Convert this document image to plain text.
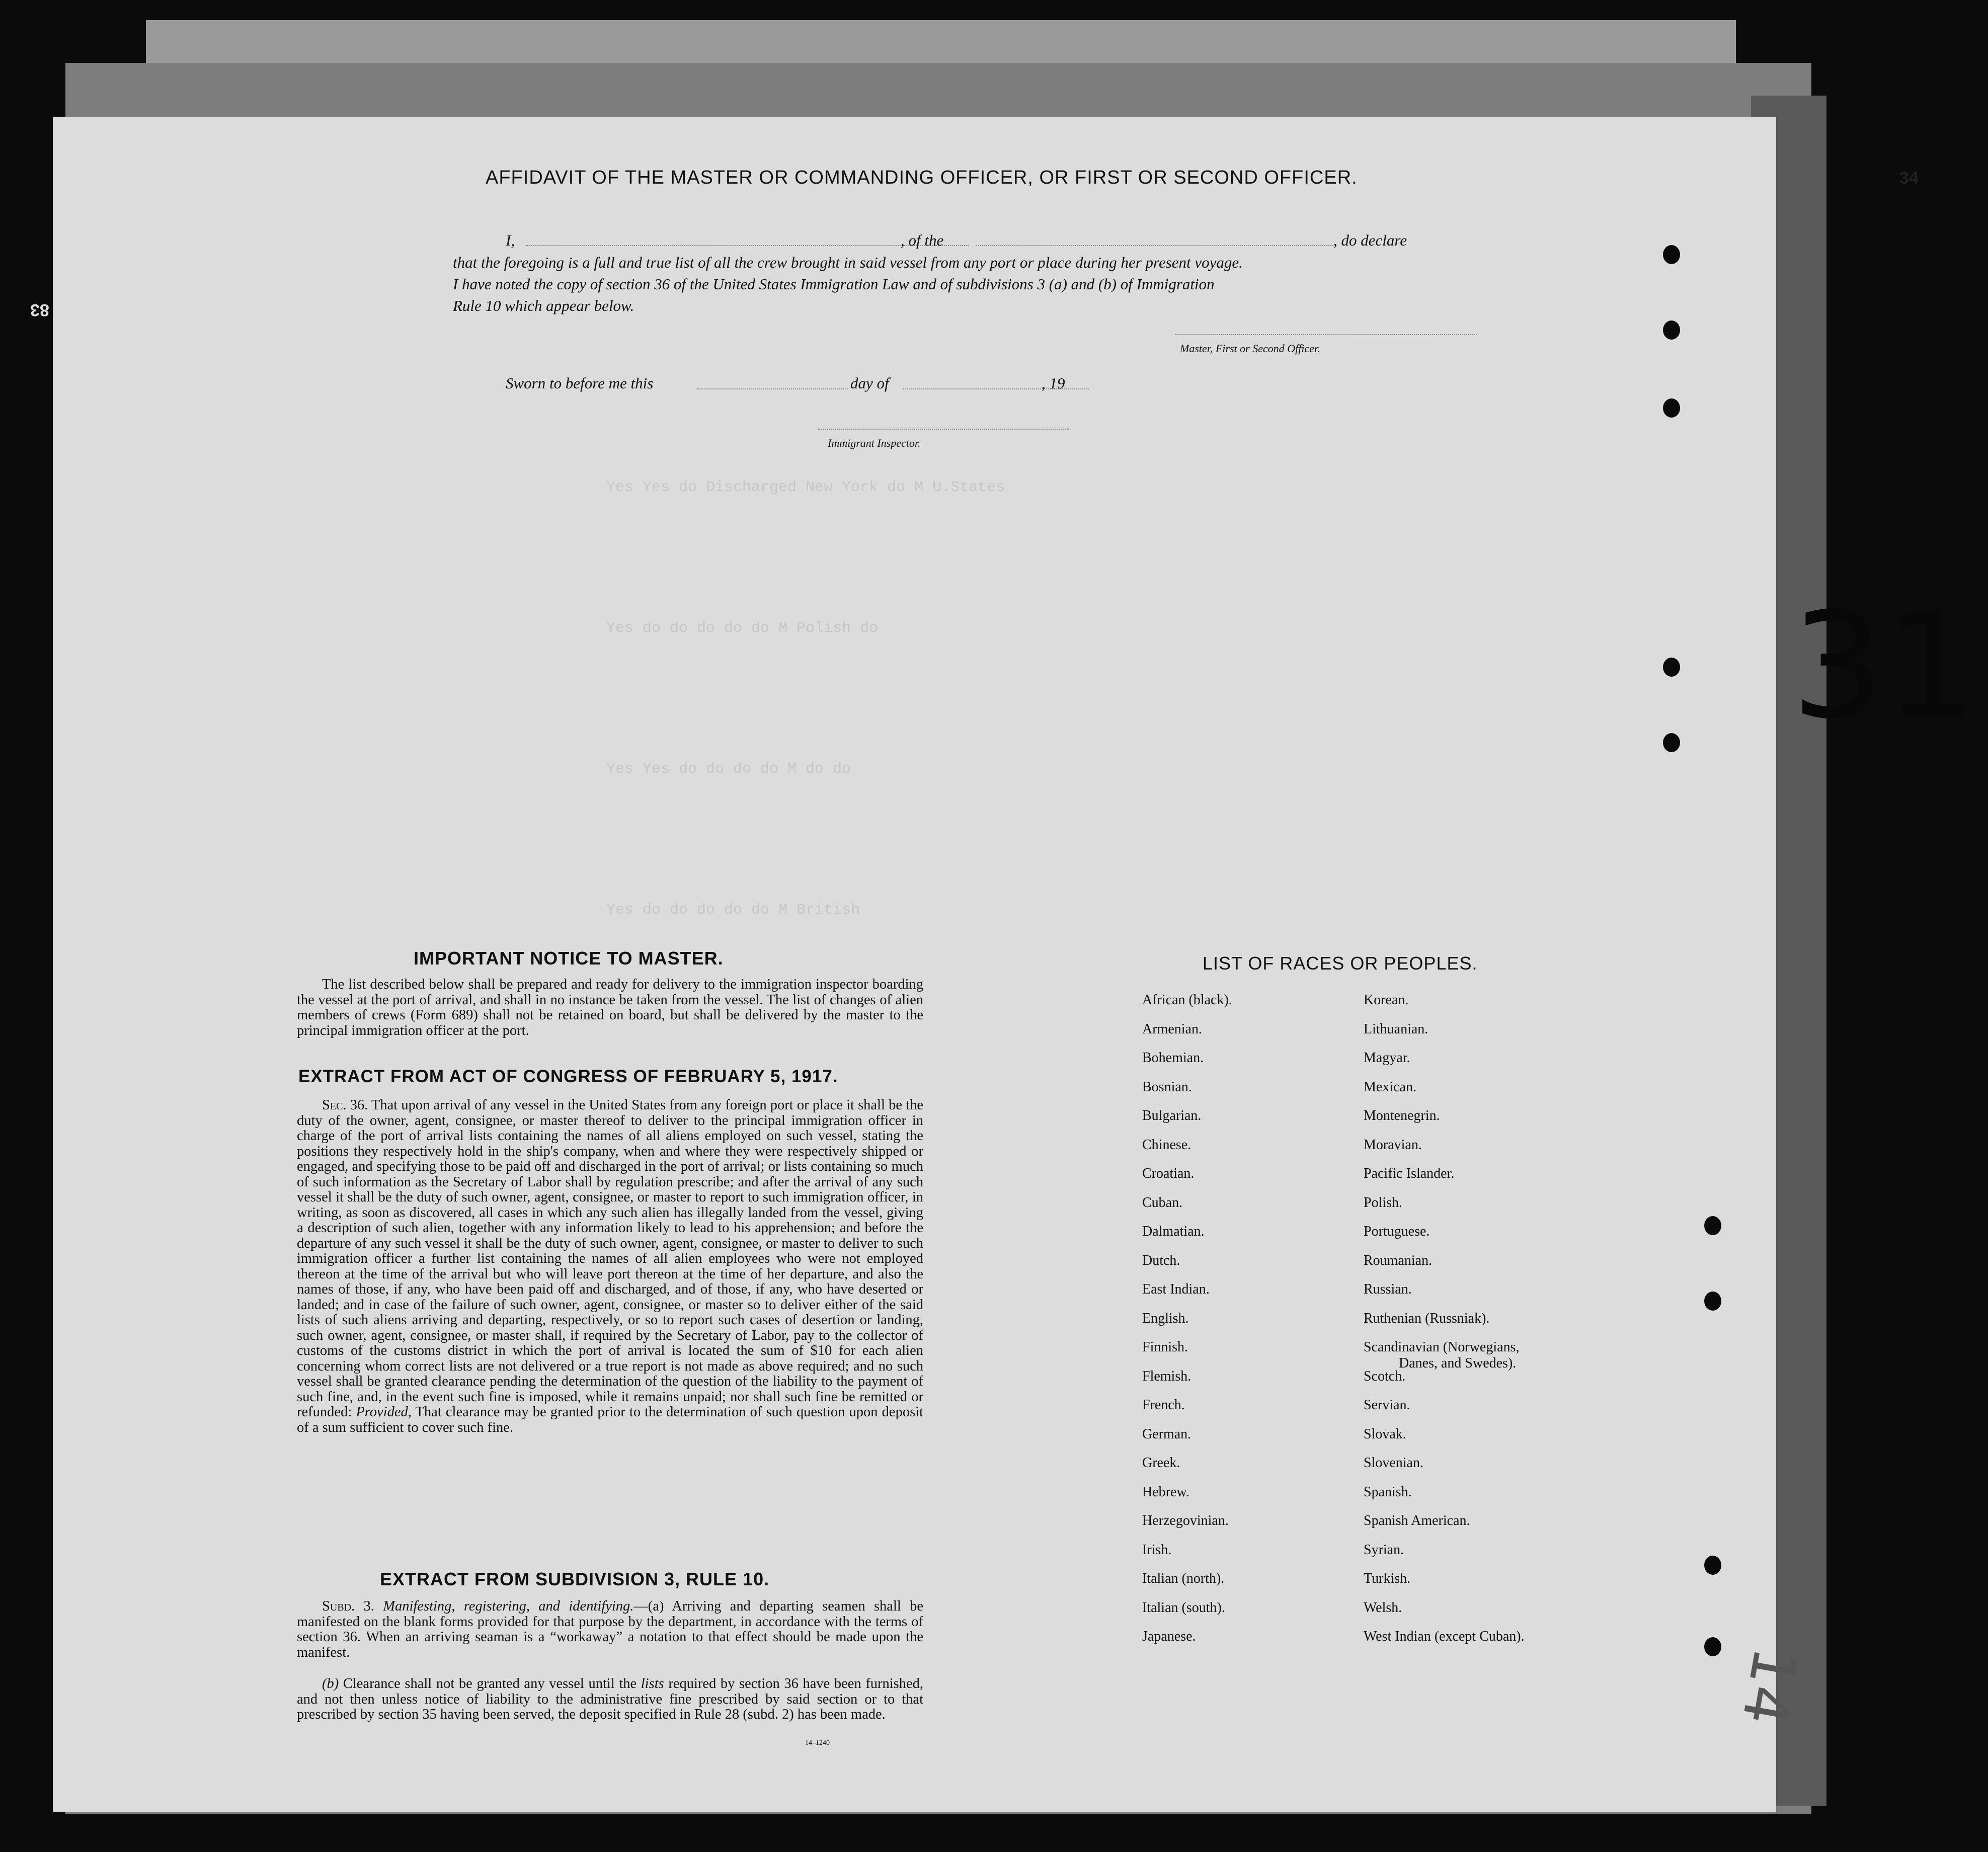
34
83
31
Yes Yes do Discharged New York do M U.States
Yes do do do do do M Polish do
Yes Yes do do do do M do do
Yes do do do do do M British
AFFIDAVIT OF THE MASTER OR COMMANDING OFFICER, OR FIRST OR SECOND OFFICER.
I,	, of the	, do declare
that the foregoing is a full and true list of all the crew brought in said vessel from any port or place during her present voyage.
I have noted the copy of section 36 of the United States Immigration Law and of subdivisions 3 (a) and (b) of Immigration
Rule 10 which appear below.
Master, First or Second Officer.
Sworn to before me this	day of	, 19
Immigrant Inspector.
IMPORTANT NOTICE TO MASTER.
The list described below shall be prepared and ready for delivery to the immigration inspector boarding the vessel at the port of arrival, and shall in no instance be taken from the vessel. The list of changes of alien members of crews (Form 689) shall not be retained on board, but shall be delivered by the master to the principal immigration officer at the port.
EXTRACT FROM ACT OF CONGRESS OF FEBRUARY 5, 1917.
Sec. 36. That upon arrival of any vessel in the United States from any foreign port or place it shall be the duty of the owner, agent, consignee, or master thereof to deliver to the principal immigration officer in charge of the port of arrival lists containing the names of all aliens employed on such vessel, stating the positions they respectively hold in the ship's company, when and where they were respectively shipped or engaged, and specifying those to be paid off and discharged in the port of arrival; or lists containing so much of such information as the Secretary of Labor shall by regulation prescribe; and after the arrival of any such vessel it shall be the duty of such owner, agent, consignee, or master to report to such immigration officer, in writing, as soon as discovered, all cases in which any such alien has illegally landed from the vessel, giving a description of such alien, together with any information likely to lead to his apprehension; and before the departure of any such vessel it shall be the duty of such owner, agent, consignee, or master to deliver to such immigration officer a further list containing the names of all alien employees who were not employed thereon at the time of the arrival but who will leave port thereon at the time of her departure, and also the names of those, if any, who have been paid off and discharged, and of those, if any, who have deserted or landed; and in case of the failure of such owner, agent, consignee, or master so to deliver either of the said lists of such aliens arriving and departing, respectively, or so to report such cases of desertion or landing, such owner, agent, consignee, or master shall, if required by the Secretary of Labor, pay to the collector of customs of the customs district in which the port of arrival is located the sum of $10 for each alien concerning whom correct lists are not delivered or a true report is not made as above required; and no such vessel shall be granted clearance pending the determination of the question of the liability to the payment of such fine, and, in the event such fine is imposed, while it remains unpaid; nor shall such fine be remitted or refunded: Provided, That clearance may be granted prior to the determination of such question upon deposit of a sum sufficient to cover such fine.
EXTRACT FROM SUBDIVISION 3, RULE 10.
Subd. 3. Manifesting, registering, and identifying.—(a) Arriving and departing seamen shall be manifested on the blank forms provided for that purpose by the department, in accordance with the terms of section 36. When an arriving seaman is a “workaway” a notation to that effect should be made upon the manifest.
(b) Clearance shall not be granted any vessel until the lists required by section 36 have been furnished, and not then unless notice of liability to the administrative fine prescribed by said section or to that prescribed by section 35 having been served, the deposit specified in Rule 28 (subd. 2) has been made.
14–1240
LIST OF RACES OR PEOPLES.
African (black).
Armenian.
Bohemian.
Bosnian.
Bulgarian.
Chinese.
Croatian.
Cuban.
Dalmatian.
Dutch.
East Indian.
English.
Finnish.
Flemish.
French.
German.
Greek.
Hebrew.
Herzegovinian.
Irish.
Italian (north).
Italian (south).
Japanese.
Korean.
Lithuanian.
Magyar.
Mexican.
Montenegrin.
Moravian.
Pacific Islander.
Polish.
Portuguese.
Roumanian.
Russian.
Ruthenian (Russniak).
Scandinavian (Norwegians,
Danes, and Swedes).
Scotch.
Servian.
Slovak.
Slovenian.
Spanish.
Spanish American.
Syrian.
Turkish.
Welsh.
West Indian (except Cuban).
14
